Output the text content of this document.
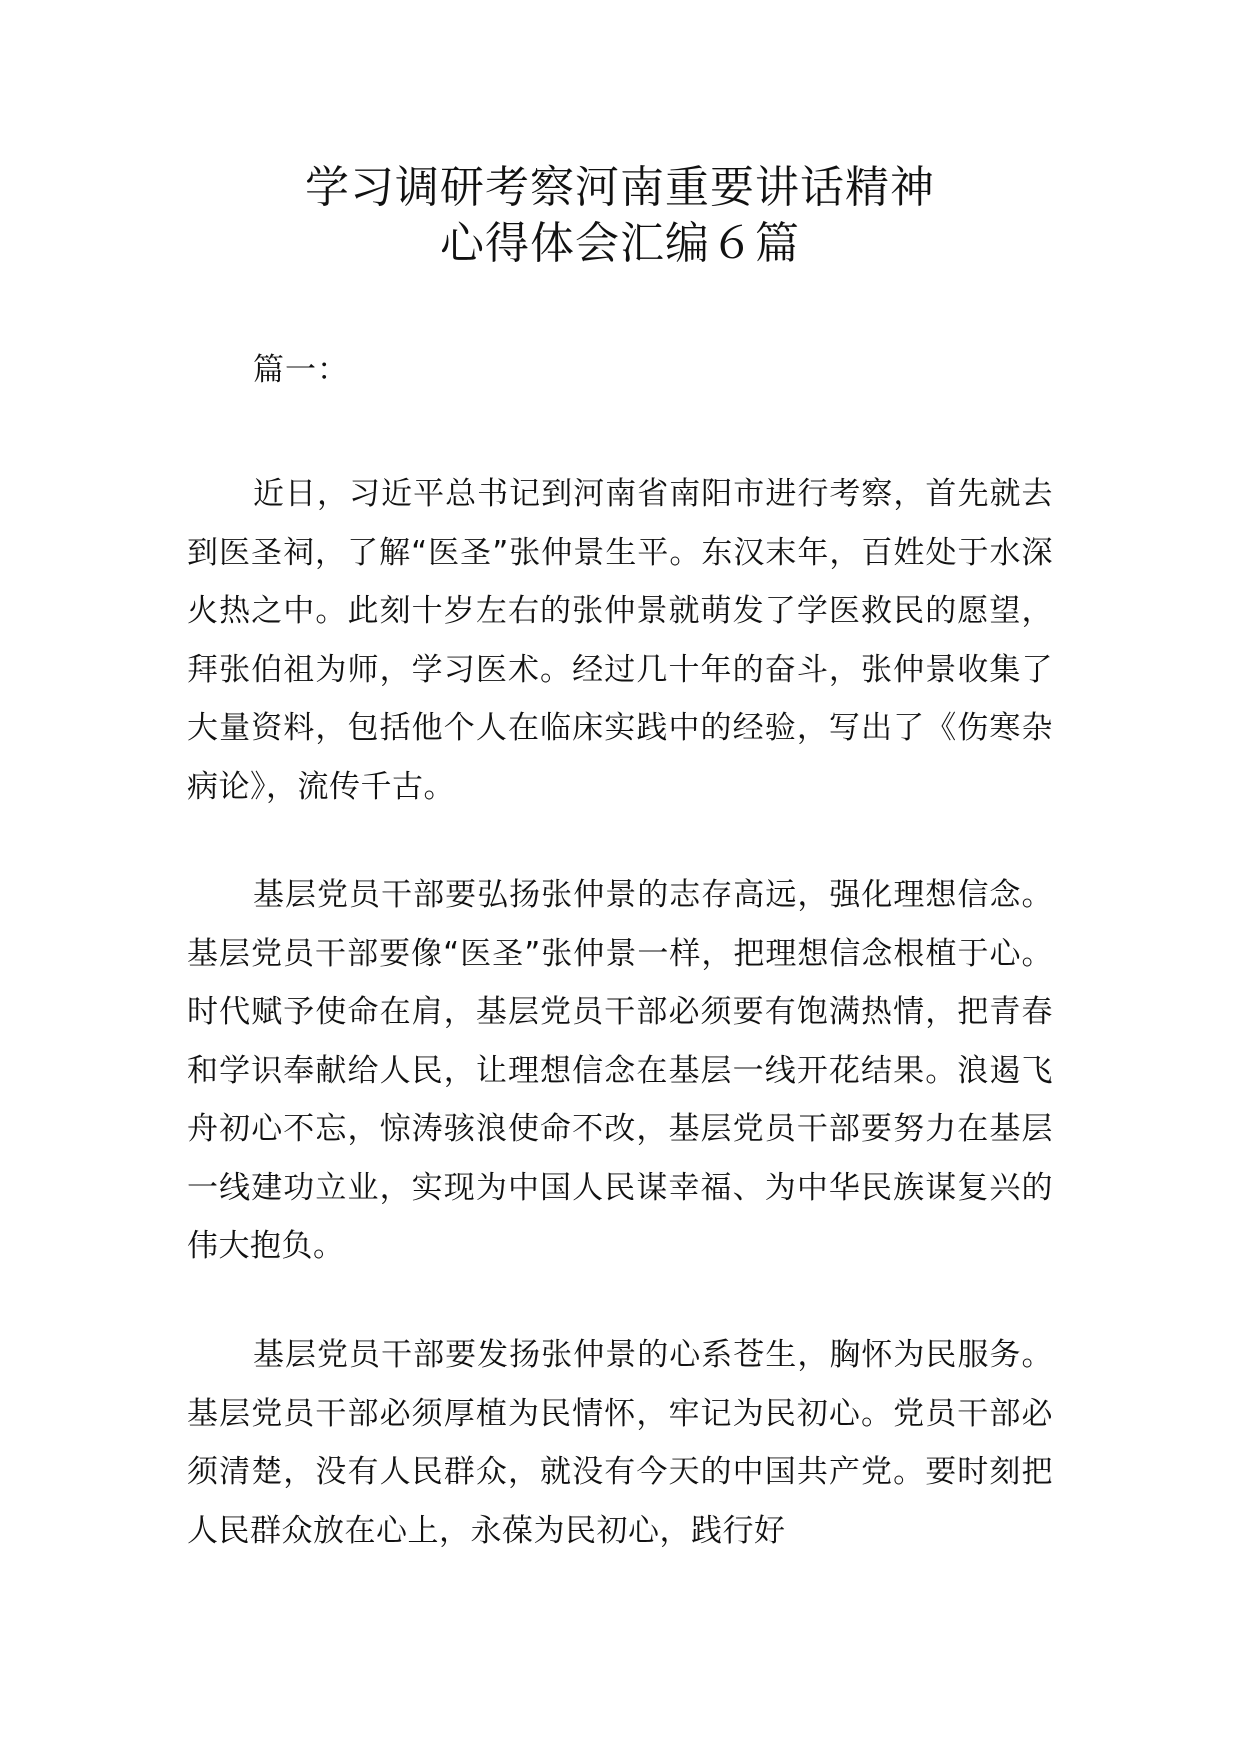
学习调研考察河南重要讲话精神
心得体会汇编６篇
篇一：

近日，习近平总书记到河南省南阳市进行考察，首先就去到医圣祠，了解“医圣”张仲景生平。东汉末年，百姓处于水深火热之中。此刻十岁左右的张仲景就萌发了学医救民的愿望，拜张伯祖为师，学习医术。经过几十年的奋斗，张仲景收集了大量资料，包括他个人在临床实践中的经验，写出了《伤寒杂病论》，流传千古。

基层党员干部要弘扬张仲景的志存高远，强化理想信念。基层党员干部要像“医圣”张仲景一样，把理想信念根植于心。时代赋予使命在肩，基层党员干部必须要有饱满热情，把青春和学识奉献给人民，让理想信念在基层一线开花结果。浪遏飞舟初心不忘，惊涛骇浪使命不改，基层党员干部要努力在基层一线建功立业，实现为中国人民谋幸福、为中华民族谋复兴的伟大抱负。

基层党员干部要发扬张仲景的心系苍生，胸怀为民服务。基层党员干部必须厚植为民情怀，牢记为民初心。党员干部必须清楚，没有人民群众，就没有今天的中国共产党。要时刻把人民群众放在心上，永葆为民初心，践行好
